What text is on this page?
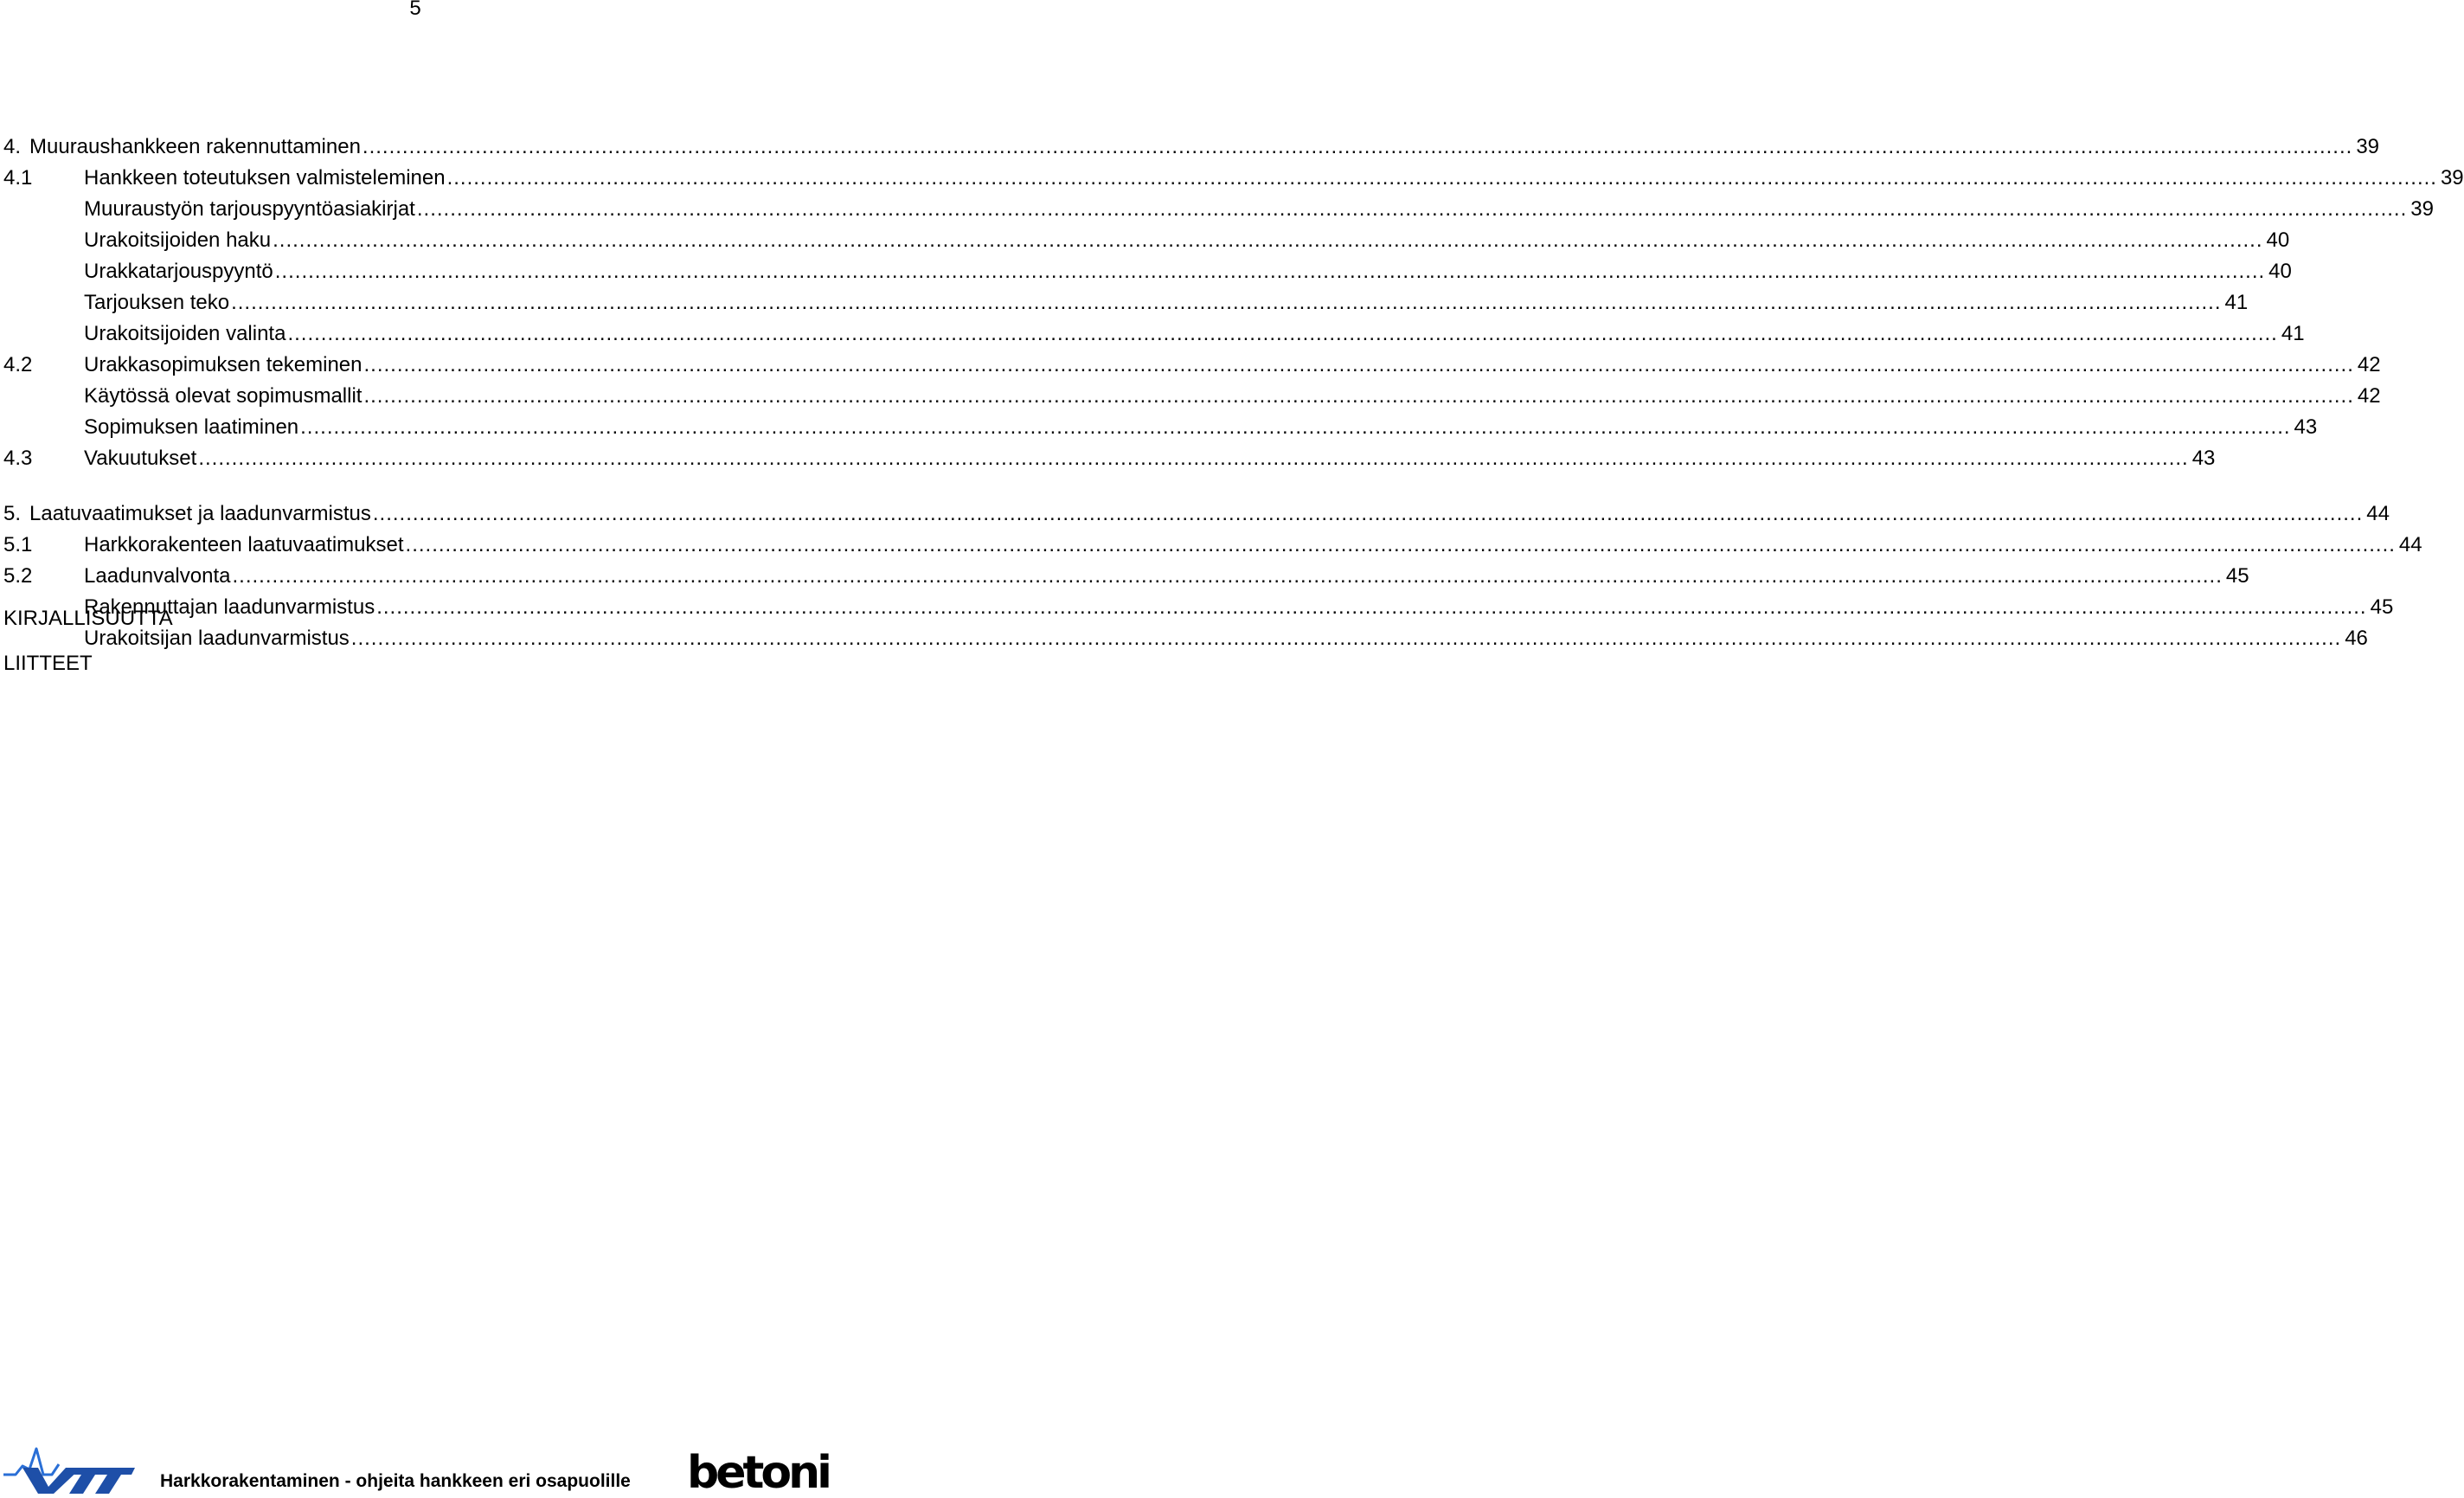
5
4. Muuraushankkeen rakennuttaminen ............................................................................................................................................................................................................................................................................................................ 39
4.1 Hankkeen toteutuksen valmisteleminen ............................................................................................................................................................................................................................................................................................................ 39
Muuraustyön tarjouspyyntöasiakirjat ............................................................................................................................................................................................................................................................................................................ 39
Urakoitsijoiden haku ............................................................................................................................................................................................................................................................................................................ 40
Urakkatarjouspyyntö ............................................................................................................................................................................................................................................................................................................ 40
Tarjouksen teko ............................................................................................................................................................................................................................................................................................................ 41
Urakoitsijoiden valinta ............................................................................................................................................................................................................................................................................................................ 41
4.2 Urakkasopimuksen tekeminen ............................................................................................................................................................................................................................................................................................................ 42
Käytössä olevat sopimusmallit ............................................................................................................................................................................................................................................................................................................ 42
Sopimuksen laatiminen ............................................................................................................................................................................................................................................................................................................ 43
4.3 Vakuutukset ............................................................................................................................................................................................................................................................................................................ 43
5. Laatuvaatimukset ja laadunvarmistus ............................................................................................................................................................................................................................................................................................................ 44
5.1 Harkkorakenteen laatuvaatimukset ............................................................................................................................................................................................................................................................................................................ 44
5.2 Laadunvalvonta ............................................................................................................................................................................................................................................................................................................ 45
Rakennuttajan laadunvarmistus ............................................................................................................................................................................................................................................................................................................ 45
Urakoitsijan laadunvarmistus ............................................................................................................................................................................................................................................................................................................ 46
KIRJALLISUUTTA
LIITTEET
Harkkorakentaminen - ohjeita hankkeen eri osapuolille betoni
